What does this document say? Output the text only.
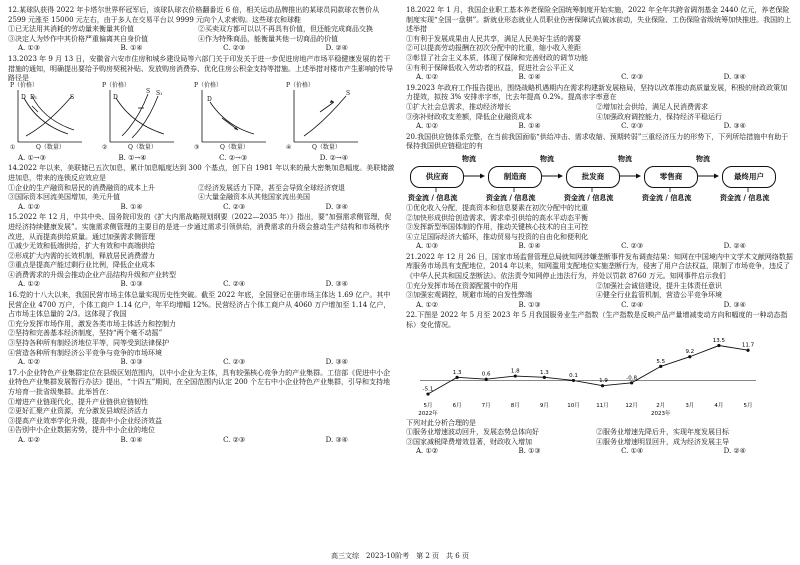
12.某球队获得 2022 年卡塔尔世界杯冠军后，该球队球衣价格翻番近 6 倍，相关运动品牌推出的某球员同款球衣售价从 2599 元涨至 15000 元左右，由于多人在交易平台以 9999 元向个人求索购。这些球衣和球鞋

①已无法用其消耗的劳动量来衡量其价值	②买卖双方都可以以不再具有价值，但还能完成商品交换
③决定人为炒作中其价格严重偏离其自身价值	④作为特殊商品，能衡量其他一切商品的价值
A. ①③	B. ①④	C. ②③	D. ②④

13.2023 年 9 月 13 日，安徽省六安市住房和城乡建设局等六部门关于印发关于进一步促进房地产市场平稳健康发展的若干措施的通知，明确提出要给予购房契税补贴、发放购房消费券、优化住房公积金支持等措施。上述举措对楼市产生影响的传导路径是

P（价格）
D D₁	S
Q（数量）
①
P（价格）
D
S S₁
Q（数量）
②
P（价格）
D
Q（数量）
③
P（价格）
S
Q（数量）
④
A. ①→③	B. ①→④	C. ②→③	D. ②→④

14.2022 年以来，美联储已五次加息，累计加息幅度达到 300 个基点，创下自 1981 年以来的最大密集加息幅度。美联储激进加息，带来的连锁反应效应是

①企业的生产融资和居民的消费融资的成本上升	②经济发展活力下降，甚至会导致全球经济衰退
③国际资本回流美国增加，美元升值	④大量金融资本从其他国家流出美国
A. ①②	B. ①④	C. ②③	D. ③④

15.2022 年 12 月，中共中央、国务院印发的《扩大内需战略规划纲要（2022—2035 年）》指出，要“加强需求侧管理，促进经济持续健康发展”。实施需求侧管理的主要目的是进一步通过需求引领供给，消费需求的升级会推动生产结构和市场秩序改进，从而提高供给质量。通过加强需求侧管理

①减少无效和低端供给，扩大有效和中高端供给
②形成扩大内需的长效机制，释放居民消费潜力
③重点是提高产能过剩行业比例，降低企业成本
④消费需求的升级会推动企业产品结构升级和产业转型
A. ①②	B. ①③	C. ②④	D. ③④

16.党的十八大以来，我国民营市场主体总量实现历史性突破。截至 2022 年底，全国登记在册市场主体达 1.69 亿户。其中民营企业 4700 万户，个体工商户 1.14 亿户，年平均增幅 12%。民营经济占个体工商户从 4060 万户增加至 1.14 亿户，占市场主体总量的 2/3。这体现了我国

①充分发挥市场作用，激发各类市场主体活力和控制力
②坚持和完善基本经济制度，坚持“两个毫不动摇”
③坚持各种所有制经济地位平等，同等受到法律保护
④营造各种所有制经济公平竞争与竞争的市场环境
A. ①②	B. ①③	C. ②③	D. ③④

17.小企业特色产业集群定位在县级区划范围内，以中小企业为主体，具有较强核心竞争力的产业集群。工信部《促进中小企业特色产业集群发展暂行办法》提出，“十四五”期间，在全国范围内认定 200 个左右中小企业特色产业集群，引导和支持地方培育一批省级集群。此举旨在：

①增进产业链现代化，提升产业链供应链韧性
②更好汇聚产业资源，充分激发县域经济活力
③提高产业效率学化升级，提高中小企业经济效益
④告别中小企业数据劣势，提升中小企业的地位
A. ①②	B. ①④	C. ②③	D. ③④

18.2022 年 1 月，我国企业职工基本养老保险全国统筹制度开始实施，2022 年全年共跨省调剂基金 2440 亿元，养老保险制度实现“全国一盘棋”。新就业形态就业人员职业伤害保障试点破冰前动，失业保险、工伤保险省级统筹加快推进。我国的上述举措

①有利于发展成果由人民共享，满足人民美好生活的需要
②可以提高劳动报酬在初次分配中的比重，缩小收入差距
③彰显了社会主义本质，体现了保障和完善财政的调节功能
④有利于保障低收入劳动者的权益，促进社会公平正义
A. ①②	B. ①④	C. ②③	D. ③④

19.2023 年政府工作报告提出，围绕战略机遇期内在需求构建新发展格局，坚持以改革推动高质量发展，积极的财政政策加力提效，拟按 3% 安排赤字率，比去年提高 0.2%。提高赤字率意在

①扩大社会总需求，推动经济增长	②增加社会供给，满足人民消费需求
③弥补财政收支差额，降低企业融资成本	④加强政府调控能力，保持经济平稳运行
A. ①②	B. ①④	C. ②③	D. ③④

20.我国供应链体系完整，在当前我国面临“供给冲击、需求收缩、预期转弱”三重经济压力的形势下，下列所给措施中有助于保持我国供应链稳定的有

物流	物流	物流	物流
供应商	制造商	批发商	零售商	最终用户
资金流 / 信息流	资金流 / 信息流	资金流 / 信息流	资金流 / 信息流	资金流 / 信息流
①优化收入分配，提高资本和信息要素在初次分配中的比重
②加快形成供给创造需求、需求牵引供给的高水平动态平衡
③发挥新型举国体制的作用，推动关键核心技术的自主可控
④立足国际经济大循环，推动贸易与投资的自由化和便利化
A. ①③	B. ①④	C. ②③	D. ②④

21.2022 年 12 月 26 日，国家市场监督管理总局就知网涉嫌垄断事件发布调查结果：知网在中国境内中文学术文献网络数据库服务市场具有支配地位，2014 年以来，知网滥用支配地位实施垄断行为，侵害了用户合法权益，限制了市场竞争，违反了《中华人民共和国反垄断法》。依法责令知网停止违法行为，并处以罚款 8760 万元。知网事件启示我们

①充分发挥市场在资源配置中的作用	②加强社会诚信建设，提升主体责任意识
③加强宏观调控，规避市场的自发性弊端	④健全行业监管机制，营造公平竞争环境
A. ①②	B. ①③	C. ②④	D. ③④

22.下图是 2022 年 5 月至 2023 年 5 月我国服务业生产指数（生产指数是反映产品产量增减变动方向和幅度的一种动态指标）变化情况。

-5.1
5月
1.3
6月
0.6
7月
1.8
8月
1.3
9月
0.1
10月
-1.9
11月
-0.8
12月
5.5
2月
9.2
3月
13.5
4月
11.7
5月
2022年	2023年

下列对此分析合理的是

①服务业增速波动回升，发展态势总体向好	②服务业增速先降后升，实现年度发展目标
③国家减税降费增效显著，财政收入增加	④服务业增速明显回升，成为经济发展主导
A. ①②	B. ①③	C. ①④	D. ②④
高三文综　2023-10阶考　第 2 页　共 6 页
